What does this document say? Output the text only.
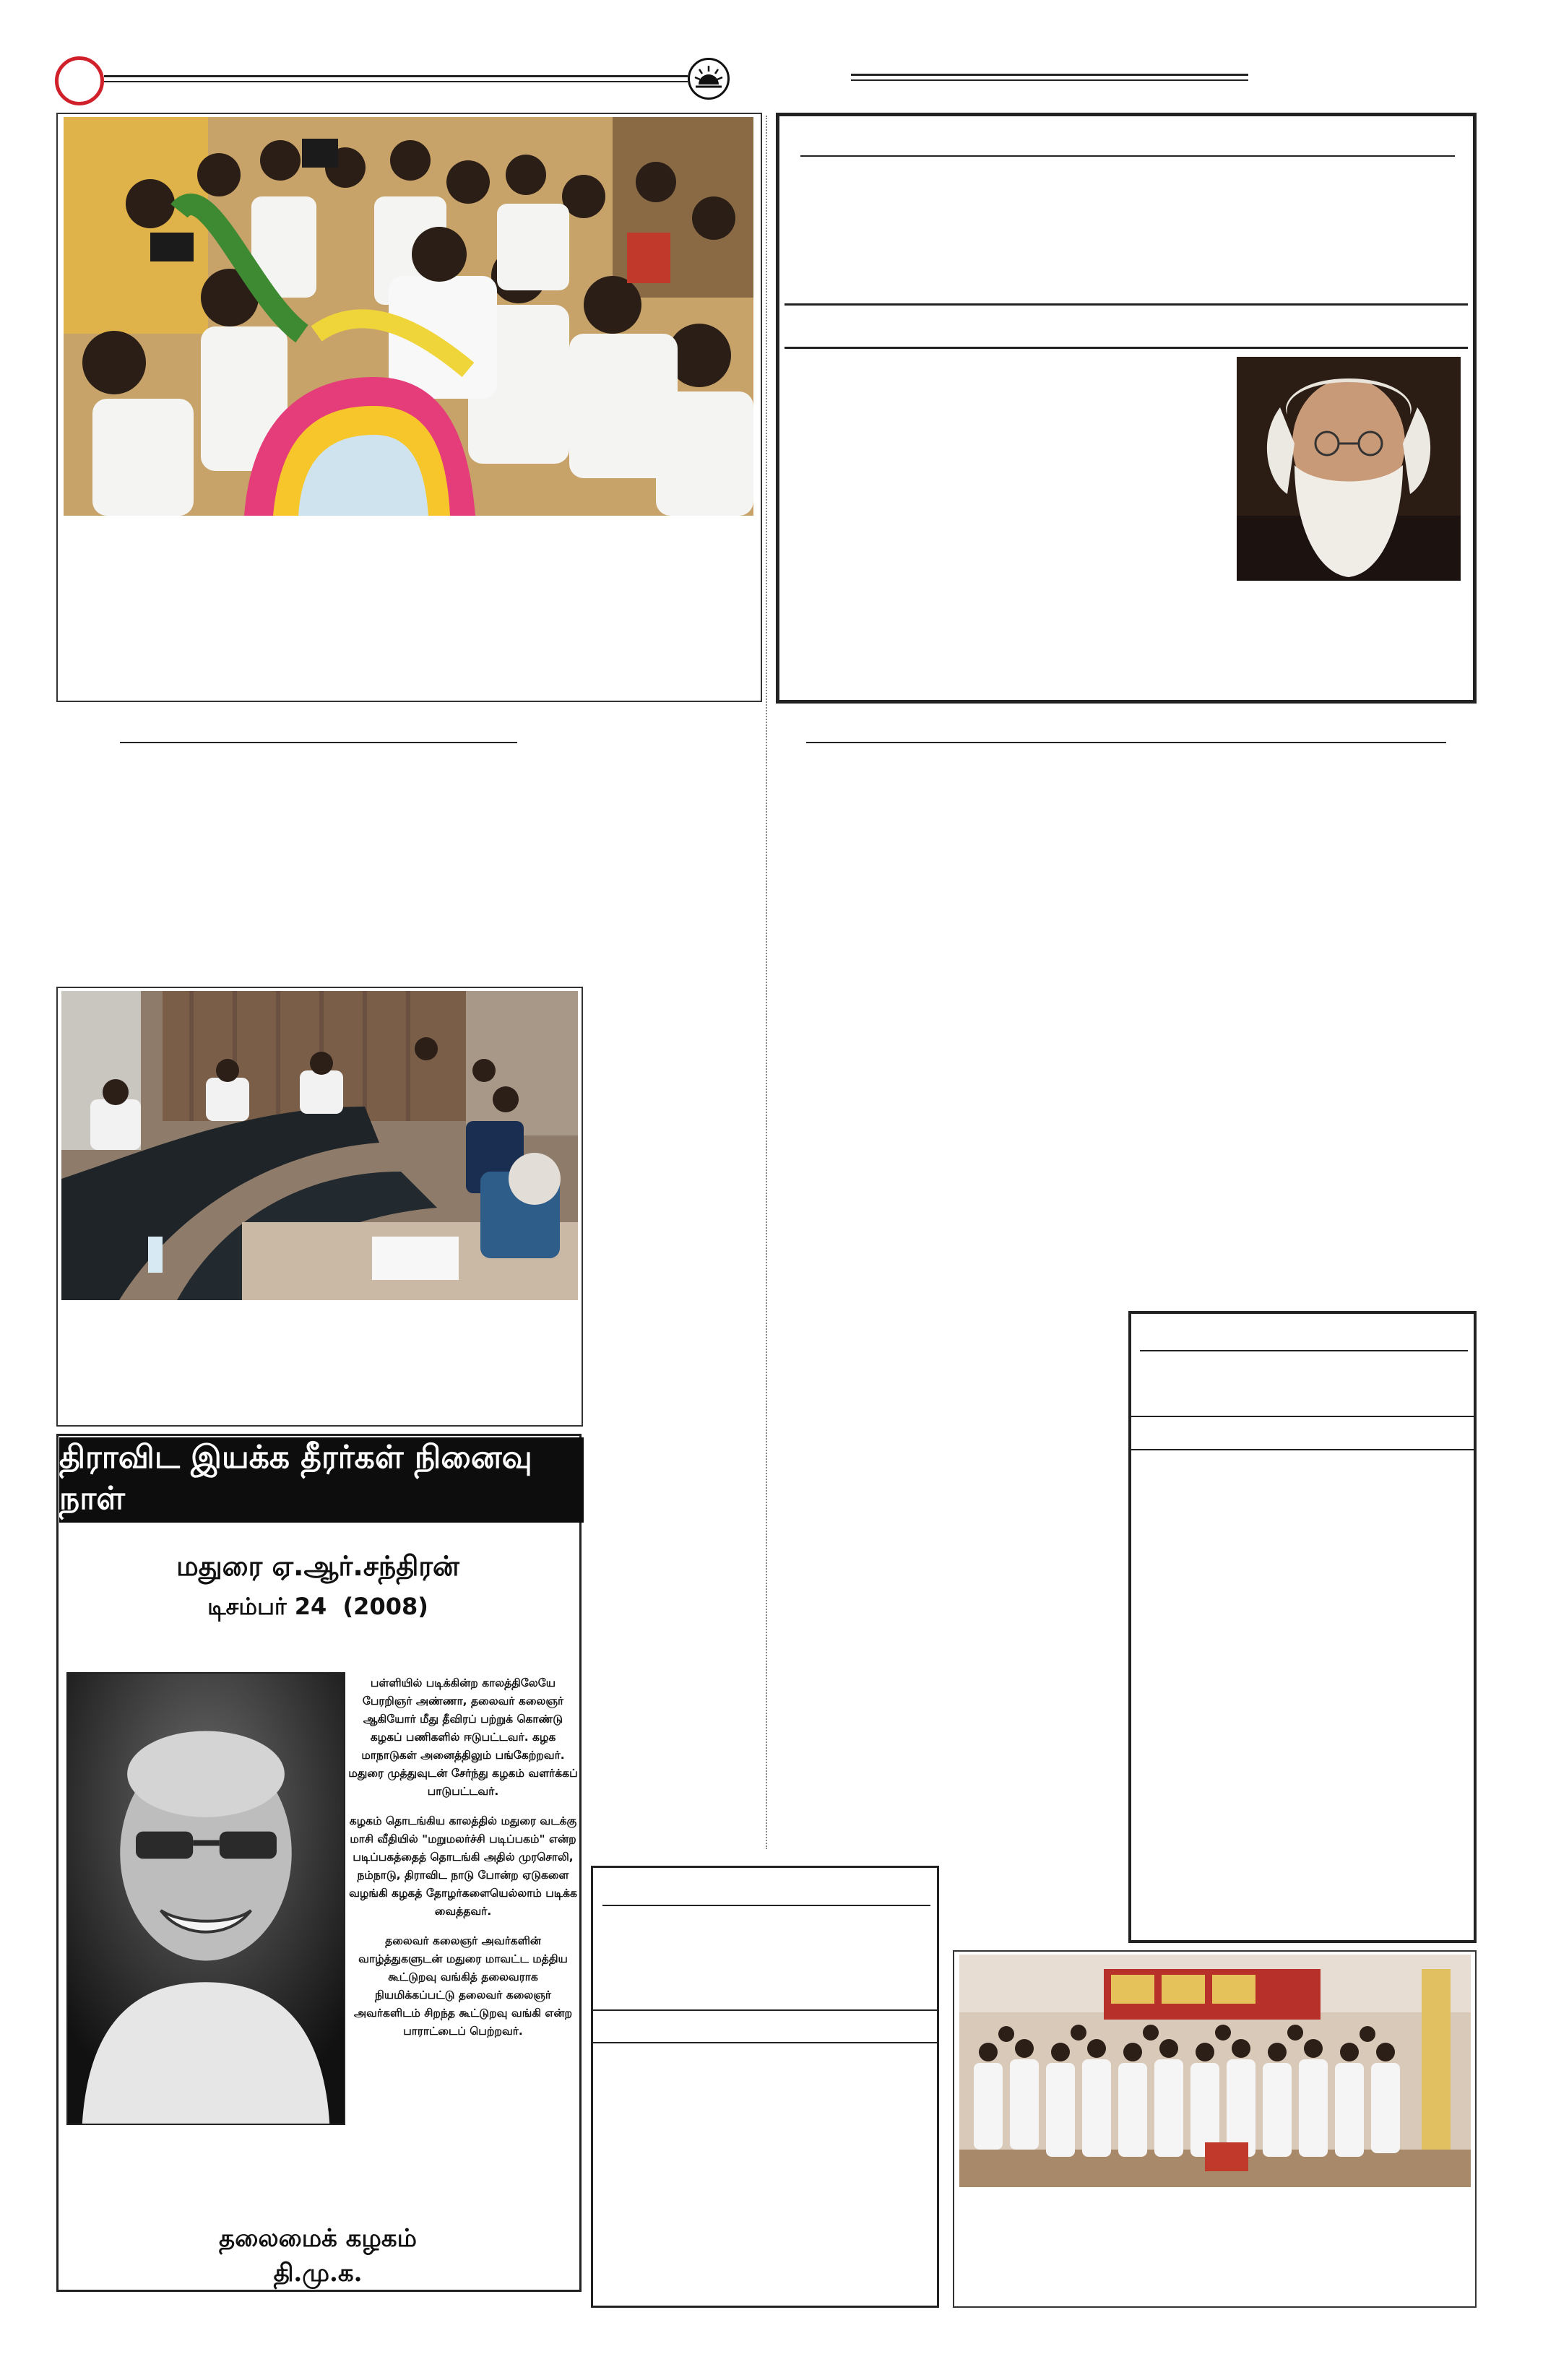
திராவிட இயக்க தீரர்கள் நினைவு நாள்
மதுரை ஏ.ஆர்.சந்திரன்
டிசம்பர் 24  (2008)

பள்ளியில் படிக்கின்ற காலத்திலேயே பேரறிஞர் அண்ணா, தலைவர் கலைஞர் ஆகியோர் மீது தீவிரப் பற்றுக் கொண்டு கழகப் பணிகளில் ஈடுபட்டவர். கழக மாநாடுகள் அனைத்திலும் பங்கேற்றவர். மதுரை முத்துவுடன் சேர்ந்து கழகம் வளர்க்கப் பாடுபட்டவர்.

கழகம் தொடங்கிய காலத்தில் மதுரை வடக்கு மாசி வீதியில் "மறுமலர்ச்சி படிப்பகம்" என்ற படிப்பகத்தைத் தொடங்கி அதில் முரசொலி, நம்நாடு, திராவிட நாடு போன்ற ஏடுகளை வழங்கி கழகத் தோழர்களையெல்லாம் படிக்க வைத்தவர்.

தலைவர் கலைஞர் அவர்களின் வாழ்த்துகளுடன் மதுரை மாவட்ட மத்திய கூட்டுறவு வங்கித் தலைவராக நியமிக்கப்பட்டு தலைவர் கலைஞர் அவர்களிடம் சிறந்த கூட்டுறவு வங்கி என்ற பாராட்டைப் பெற்றவர்.

தலைமைக் கழகம்
தி.மு.க.
